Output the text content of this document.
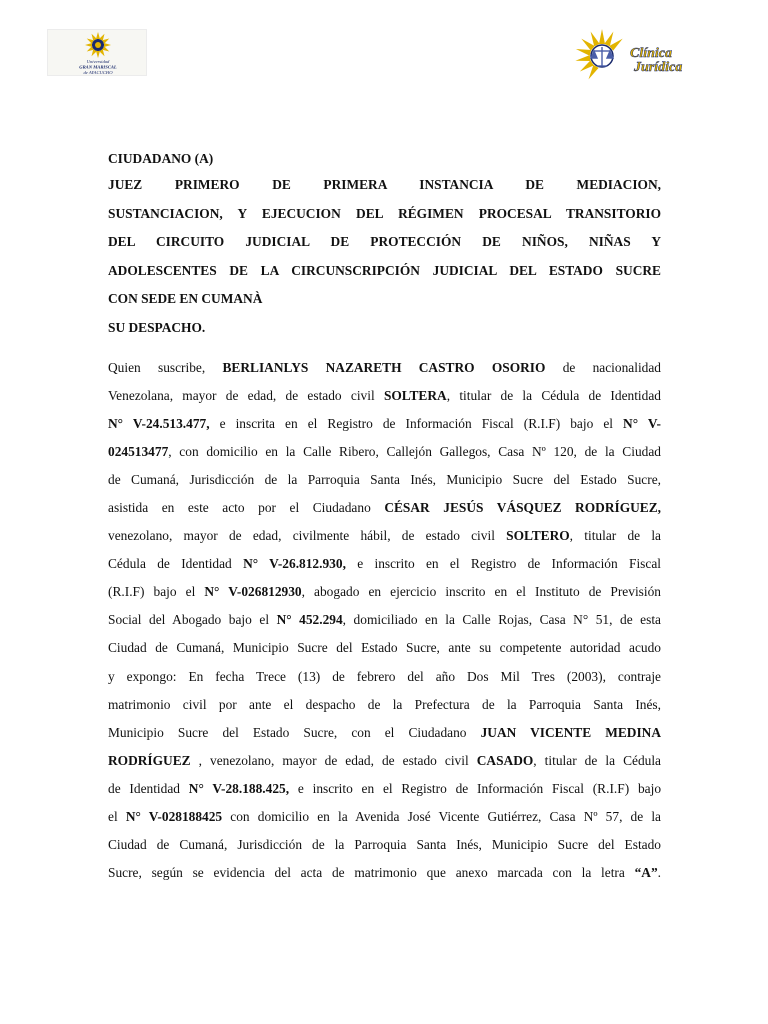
Universidad
GRAN MARISCAL
de AYACUCHO
Clínica
Jurídica
CIUDADANO (A)
JUEZ PRIMERO DE PRIMERA INSTANCIA DE MEDIACION,
SUSTANCIACION, Y EJECUCION DEL RÉGIMEN PROCESAL TRANSITORIO
DEL CIRCUITO JUDICIAL DE PROTECCIÓN DE NIÑOS, NIÑAS Y
ADOLESCENTES DE LA CIRCUNSCRIPCIÓN JUDICIAL DEL ESTADO SUCRE
CON SEDE EN CUMANÀ
SU DESPACHO.
Quien suscribe, BERLIANLYS NAZARETH CASTRO OSORIO de nacionalidad
Venezolana, mayor de edad, de estado civil SOLTERA, titular de la Cédula de Identidad
N° V-24.513.477, e inscrita en el Registro de Información Fiscal (R.I.F) bajo el N° V-
024513477, con domicilio en la Calle Ribero, Callejón Gallegos, Casa Nº 120, de la Ciudad
de Cumaná, Jurisdicción de la Parroquia Santa Inés, Municipio Sucre del Estado Sucre,
asistida en este acto por el Ciudadano CÉSAR JESÚS VÁSQUEZ RODRÍGUEZ,
venezolano, mayor de edad, civilmente hábil, de estado civil SOLTERO, titular de la
Cédula de Identidad N° V-26.812.930, e inscrito en el Registro de Información Fiscal
(R.I.F) bajo el N° V-026812930, abogado en ejercicio inscrito en el Instituto de Previsión
Social del Abogado bajo el N° 452.294, domiciliado en la Calle Rojas, Casa N° 51, de esta
Ciudad de Cumaná, Municipio Sucre del Estado Sucre, ante su competente autoridad acudo
y expongo: En fecha Trece (13) de febrero del año Dos Mil Tres (2003), contraje
matrimonio civil por ante el despacho de la Prefectura de la Parroquia Santa Inés,
Municipio Sucre del Estado Sucre, con el Ciudadano JUAN VICENTE MEDINA
RODRÍGUEZ , venezolano, mayor de edad, de estado civil CASADO, titular de la Cédula
de Identidad N° V-28.188.425, e inscrito en el Registro de Información Fiscal (R.I.F) bajo
el N° V-028188425 con domicilio en la Avenida José Vicente Gutiérrez, Casa Nº 57, de la
Ciudad de Cumaná, Jurisdicción de la Parroquia Santa Inés, Municipio Sucre del Estado
Sucre, según se evidencia del acta de matrimonio que anexo marcada con la letra “A”.
